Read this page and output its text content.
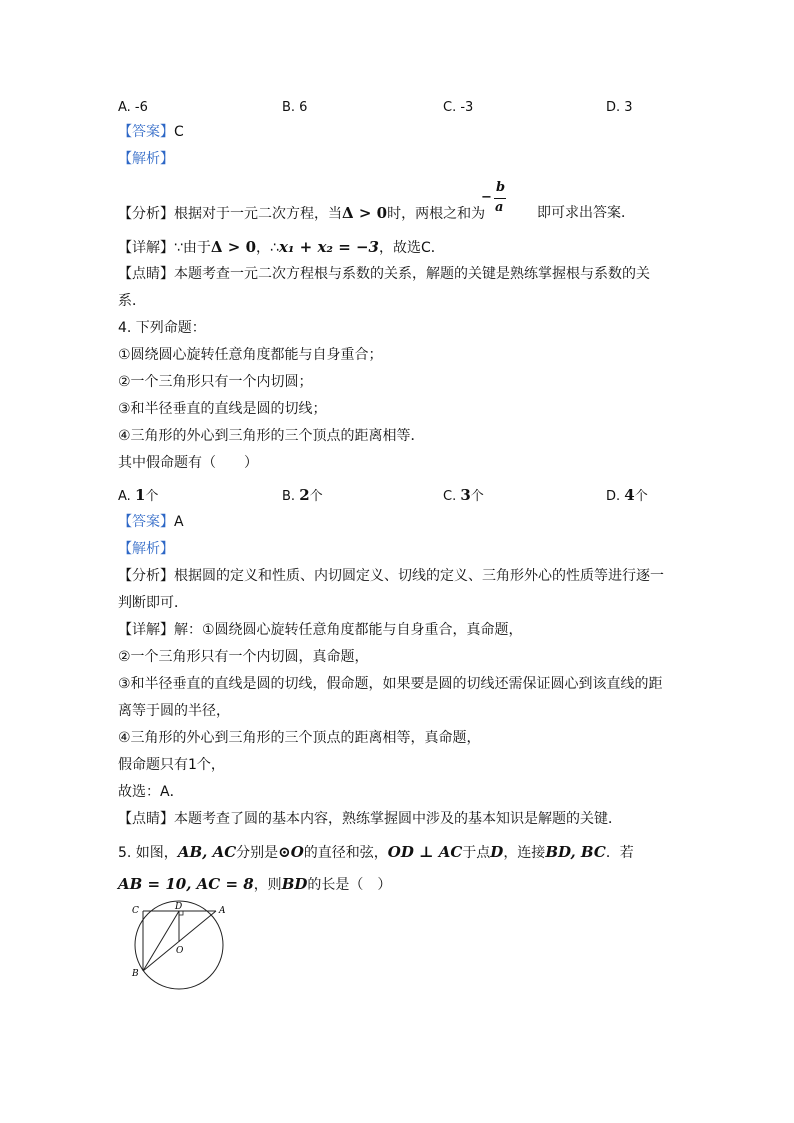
A. -6	B. 6	C. -3	D. 3
【答案】C
【解析】
【分析】根据对于一元二次方程，当Δ > 0时，两根之和为
−
b
a 即可求出答案．
【详解】∵由于Δ > 0，∴x₁ + x₂ = −3，故选C．
【点睛】本题考查一元二次方程根与系数的关系，解题的关键是熟练掌握根与系数的关
系．
4. 下列命题：
①圆绕圆心旋转任意角度都能与自身重合；
②一个三角形只有一个内切圆；
③和半径垂直的直线是圆的切线；
④三角形的外心到三角形的三个顶点的距离相等．
其中假命题有（　　）
A. 1个	B. 2个	C. 3个	D. 4个
【答案】A
【解析】
【分析】根据圆的定义和性质、内切圆定义、切线的定义、三角形外心的性质等进行逐一
判断即可．
【详解】解：①圆绕圆心旋转任意角度都能与自身重合，真命题，
②一个三角形只有一个内切圆，真命题，
③和半径垂直的直线是圆的切线，假命题，如果要是圆的切线还需保证圆心到该直线的距
离等于圆的半径，
④三角形的外心到三角形的三个顶点的距离相等，真命题，
假命题只有1个，
故选：A．
【点睛】本题考查了圆的基本内容，熟练掌握圆中涉及的基本知识是解题的关键．
5. 如图，AB, AC分别是⊙O的直径和弦，OD ⊥ AC于点D，连接BD, BC．若
AB = 10, AC = 8，则BD的长是（　）
C	D	A
O
B
